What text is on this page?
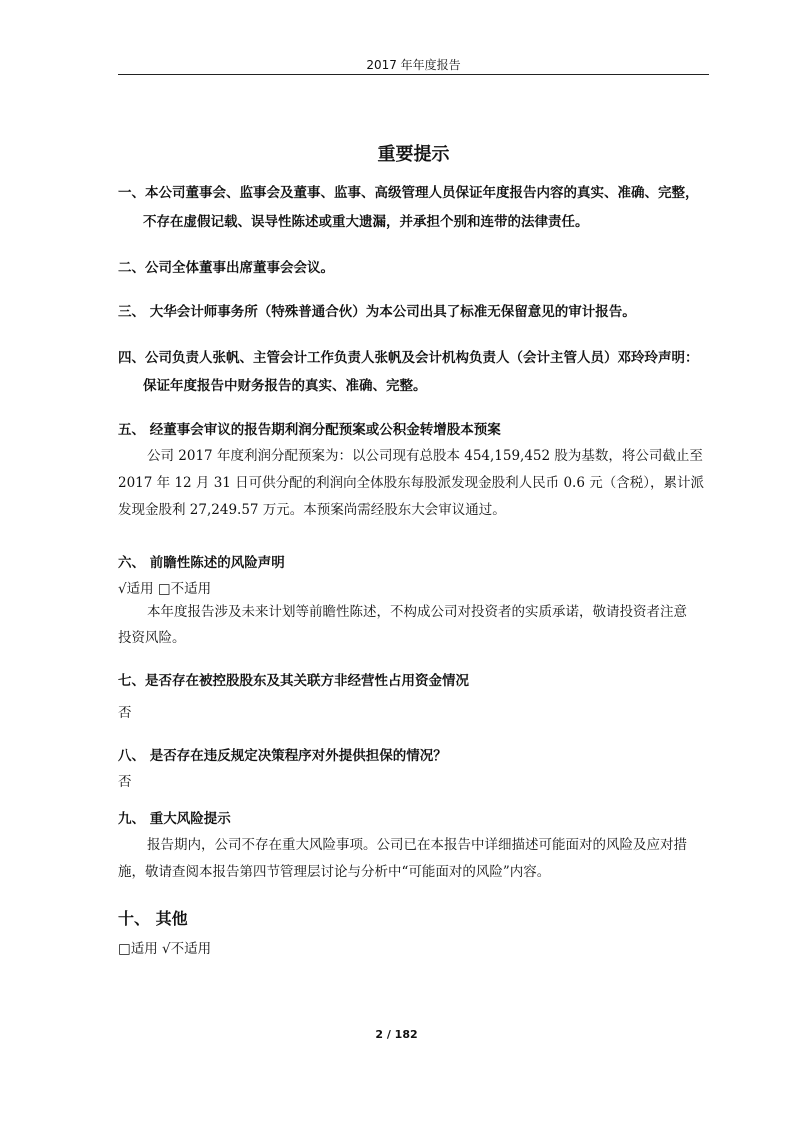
2017 年年度报告
重要提示
一、本公司董事会、监事会及董事、监事、高级管理人员保证年度报告内容的真实、准确、完整，
不存在虚假记载、误导性陈述或重大遗漏，并承担个别和连带的法律责任。
二、公司全体董事出席董事会会议。
三、 大华会计师事务所（特殊普通合伙）为本公司出具了标准无保留意见的审计报告。
四、公司负责人张帆、主管会计工作负责人张帆及会计机构负责人（会计主管人员）邓玲玲声明：
保证年度报告中财务报告的真实、准确、完整。
五、 经董事会审议的报告期利润分配预案或公积金转增股本预案
公司 2017 年度利润分配预案为：以公司现有总股本 454,159,452 股为基数，将公司截止至
2017 年 12 月 31 日可供分配的利润向全体股东每股派发现金股利人民币 0.6 元（含税），累计派
发现金股利 27,249.57 万元。本预案尚需经股东大会审议通过。
六、 前瞻性陈述的风险声明
√适用 □不适用
本年度报告涉及未来计划等前瞻性陈述，不构成公司对投资者的实质承诺，敬请投资者注意
投资风险。
七、是否存在被控股股东及其关联方非经营性占用资金情况
否
八、 是否存在违反规定决策程序对外提供担保的情况？
否
九、 重大风险提示
报告期内，公司不存在重大风险事项。公司已在本报告中详细描述可能面对的风险及应对措
施，敬请查阅本报告第四节管理层讨论与分析中“可能面对的风险”内容。
十、 其他
□适用 √不适用
2 / 182
